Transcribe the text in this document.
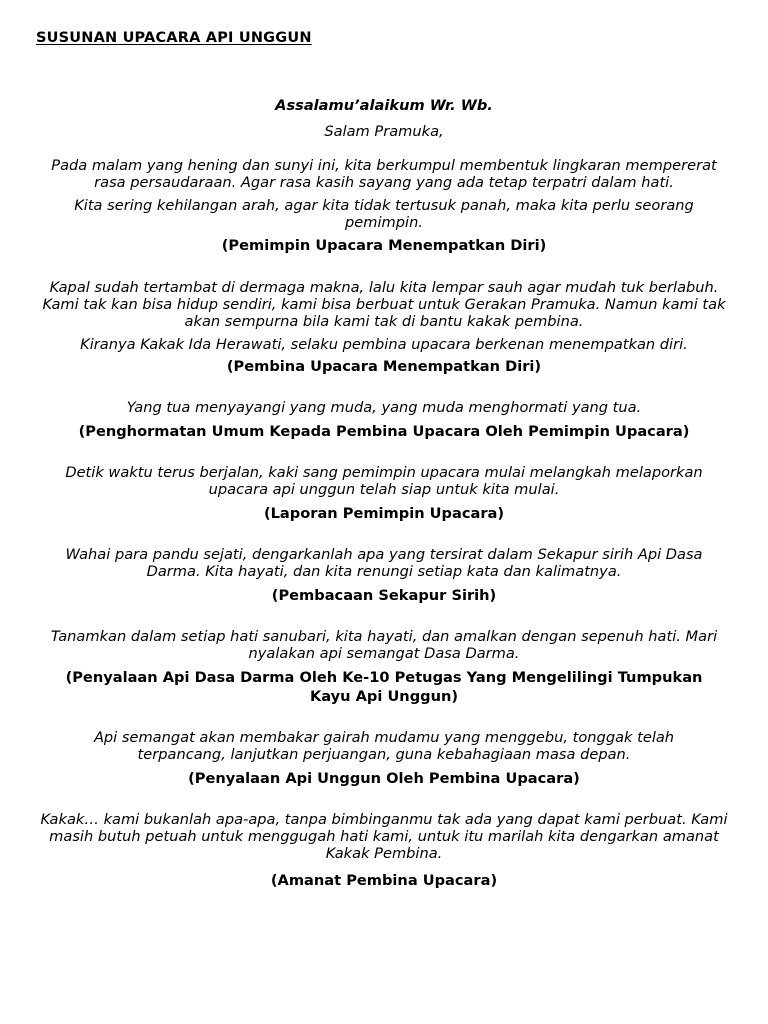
SUSUNAN UPACARA API UNGGUN

Assalamu’alaikum Wr. Wb.

Salam Pramuka,

Pada malam yang hening dan sunyi ini, kita berkumpul membentuk lingkaran mempererat rasa persaudaraan. Agar rasa kasih sayang yang ada tetap terpatri dalam hati.

Kita sering kehilangan arah, agar kita tidak tertusuk panah, maka kita perlu seorang pemimpin.

(Pemimpin Upacara Menempatkan Diri)

Kapal sudah tertambat di dermaga makna, lalu kita lempar sauh agar mudah tuk berlabuh. Kami tak kan bisa hidup sendiri, kami bisa berbuat untuk Gerakan Pramuka. Namun kami tak akan sempurna bila kami tak di bantu kakak pembina.

Kiranya Kakak Ida Herawati, selaku pembina upacara berkenan menempatkan diri.

(Pembina Upacara Menempatkan Diri)

Yang tua menyayangi yang muda, yang muda menghormati yang tua.

(Penghormatan Umum Kepada Pembina Upacara Oleh Pemimpin Upacara)

Detik waktu terus berjalan, kaki sang pemimpin upacara mulai melangkah melaporkan upacara api unggun telah siap untuk kita mulai.

(Laporan Pemimpin Upacara)

Wahai para pandu sejati, dengarkanlah apa yang tersirat dalam Sekapur sirih Api Dasa Darma. Kita hayati, dan kita renungi setiap kata dan kalimatnya.

(Pembacaan Sekapur Sirih)

Tanamkan dalam setiap hati sanubari, kita hayati, dan amalkan dengan sepenuh hati. Mari nyalakan api semangat Dasa Darma.

(Penyalaan Api Dasa Darma Oleh Ke-10 Petugas Yang Mengelilingi Tumpukan Kayu Api Unggun)

Api semangat akan membakar gairah mudamu yang menggebu, tonggak telah terpancang, lanjutkan perjuangan, guna kebahagiaan masa depan.

(Penyalaan Api Unggun Oleh Pembina Upacara)

Kakak… kami bukanlah apa-apa, tanpa bimbinganmu tak ada yang dapat kami perbuat. Kami masih butuh petuah untuk menggugah hati kami, untuk itu marilah kita dengarkan amanat Kakak Pembina.

(Amanat Pembina Upacara)
